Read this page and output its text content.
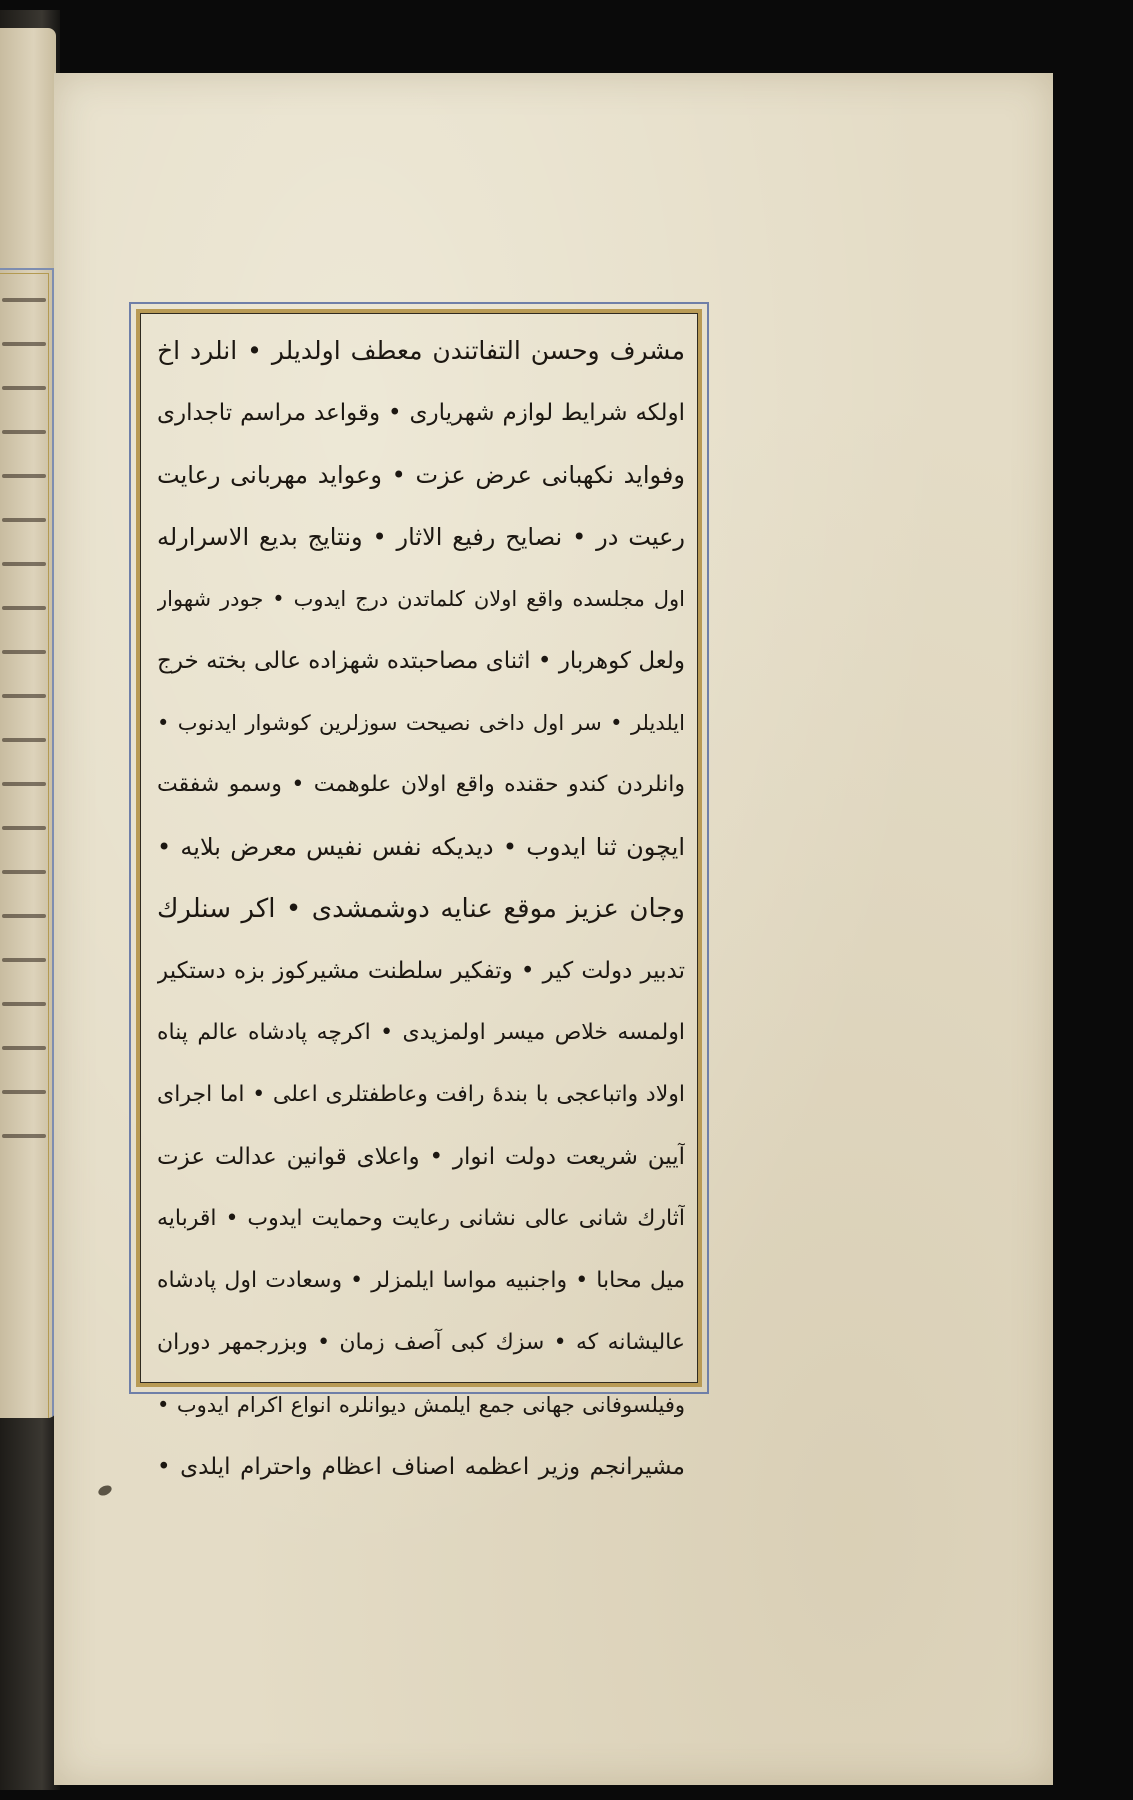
مشرف وحسن التفاتندن معطف اولدیلر • انلرد اخ
اولکه شرایط لوازم شهریاری • وقواعد مراسم تاجداری
وفواید نکهبانی عرض عزت • وعواید مهربانی رعایت
رعیت در • نصایح رفیع الاثار • ونتایج بدیع الاسرارله
اول مجلسده واقع اولان کلماتدن درج ایدوب • جودر شهوار
ولعل کوهربار • اثنای مصاحبتده شهزاده عالی بخته خرج
ایلدیلر • سر اول داخی نصیحت سوزلرین کوشوار ایدنوب •
وانلردن کندو حقنده واقع اولان علوهمت • وسمو شفقت
ایچون ثنا ایدوب • دیدیکه نفس نفیس معرض بلایه •
وجان عزیز موقع عنایه دوشمشدی • اکر سنلرك
تدبیر دولت کیر • وتفکیر سلطنت مشیرکوز بزه دستکیر
اولمسه خلاص میسر اولمزیدی • اکرچه پادشاه عالم پناه
اولاد واتباعجی با بندهٔ رافت وعاطفتلری اعلی • اما اجرای
آیین شریعت دولت انوار • واعلای قوانین عدالت عزت
آثارك شانی عالی نشانی رعایت وحمایت ایدوب • اقربایه
میل محابا • واجنبیه مواسا ایلمزلر • وسعادت اول پادشاه
عالیشانه که • سزك کبی آصف زمان • وبزرجمهر دوران
وفیلسوفانی جهانی جمع ایلمش دیوانلره انواع اکرام ایدوب •
مشیرانجم وزیر اعظمه اصناف اعظام واحترام ایلدی •
